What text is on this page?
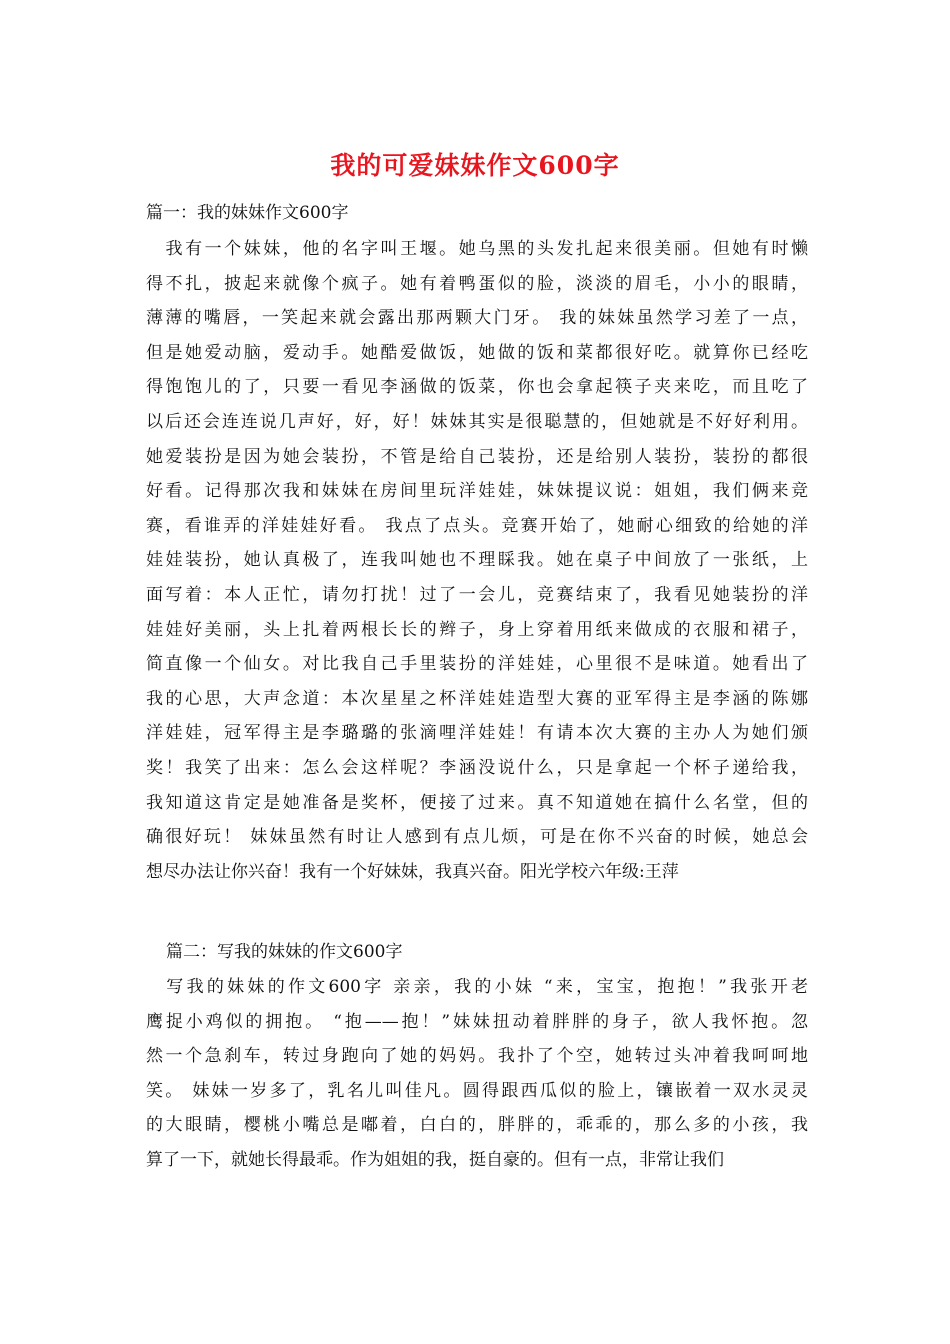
我的可爱妹妹作文600字
篇一：我的妹妹作文600字
　我有一个妹妹，他的名字叫王堰。她乌黑的头发扎起来很美丽。但她有时懒
得不扎，披起来就像个疯子。她有着鸭蛋似的脸，淡淡的眉毛，小小的眼睛，
薄薄的嘴唇，一笑起来就会露出那两颗大门牙。 我的妹妹虽然学习差了一点，
但是她爱动脑，爱动手。她酷爱做饭，她做的饭和菜都很好吃。就算你已经吃
得饱饱儿的了，只要一看见李涵做的饭菜，你也会拿起筷子夹来吃，而且吃了
以后还会连连说几声好，好，好！妹妹其实是很聪慧的，但她就是不好好利用。
她爱装扮是因为她会装扮，不管是给自己装扮，还是给别人装扮，装扮的都很
好看。记得那次我和妹妹在房间里玩洋娃娃，妹妹提议说：姐姐，我们俩来竞
赛，看谁弄的洋娃娃好看。 我点了点头。竞赛开始了，她耐心细致的给她的洋
娃娃装扮，她认真极了，连我叫她也不理睬我。她在桌子中间放了一张纸，上
面写着：本人正忙，请勿打扰！过了一会儿，竞赛结束了，我看见她装扮的洋
娃娃好美丽，头上扎着两根长长的辫子，身上穿着用纸来做成的衣服和裙子，
简直像一个仙女。对比我自己手里装扮的洋娃娃，心里很不是味道。她看出了
我的心思，大声念道：本次星星之杯洋娃娃造型大赛的亚军得主是李涵的陈娜
洋娃娃，冠军得主是李璐璐的张滴哩洋娃娃！有请本次大赛的主办人为她们颁
奖！我笑了出来：怎么会这样呢？李涵没说什么，只是拿起一个杯子递给我，
我知道这肯定是她准备是奖杯，便接了过来。真不知道她在搞什么名堂，但的
确很好玩！ 妹妹虽然有时让人感到有点儿烦，可是在你不兴奋的时候，她总会
想尽办法让你兴奋！我有一个好妹妹，我真兴奋。阳光学校六年级:王萍
篇二：写我的妹妹的作文600字
　写我的妹妹的作文600字 亲亲，我的小妹 “来，宝宝，抱抱！”我张开老
鹰捉小鸡似的拥抱。 “抱——抱！”妹妹扭动着胖胖的身子，欲人我怀抱。忽
然一个急刹车，转过身跑向了她的妈妈。我扑了个空，她转过头冲着我呵呵地
笑。 妹妹一岁多了，乳名儿叫佳凡。圆得跟西瓜似的脸上，镶嵌着一双水灵灵
的大眼睛，樱桃小嘴总是嘟着，白白的，胖胖的，乖乖的，那么多的小孩，我
算了一下，就她长得最乖。作为姐姐的我，挺自豪的。但有一点，非常让我们
